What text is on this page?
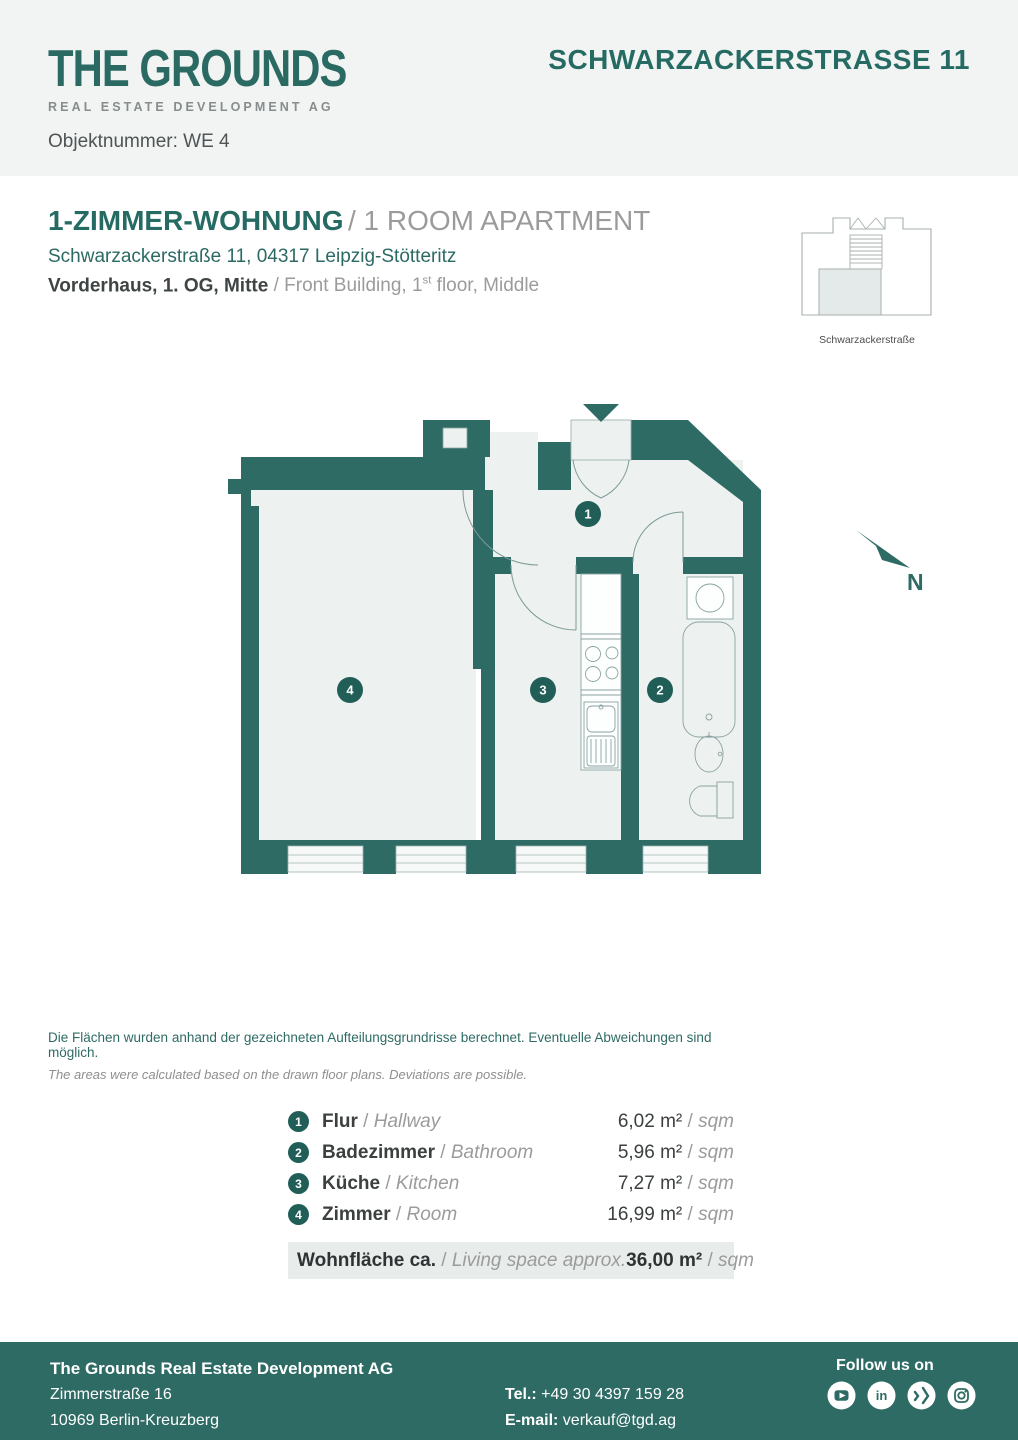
THE GROUNDS
REAL ESTATE DEVELOPMENT AG
SCHWARZACKERSTRASSE 11
Objektnummer: WE 4
1-ZIMMER-WOHNUNG / 1 ROOM APARTMENT
Schwarzackerstraße 11, 04317 Leipzig-Stötteritz
Vorderhaus, 1. OG, Mitte / Front Building, 1st floor, Middle
Schwarzackerstraße
1
2
3
4
N
Die Flächen wurden anhand der gezeichneten Aufteilungsgrundrisse berechnet. Eventuelle Abweichungen sind möglich.
The areas were calculated based on the drawn floor plans. Deviations are possible.
1	Flur / Hallway	6,02 m² / sqm
2	Badezimmer / Bathroom	5,96 m² / sqm
3	Küche / Kitchen	7,27 m² / sqm
4	Zimmer / Room	16,99 m² / sqm
Wohnfläche ca. / Living space approx. 36,00 m² / sqm
The Grounds Real Estate Development AG
Zimmerstraße 16
10969 Berlin-Kreuzberg
Tel.: +49 30 4397 159 28
E-mail: verkauf@tgd.ag
Follow us on
in
